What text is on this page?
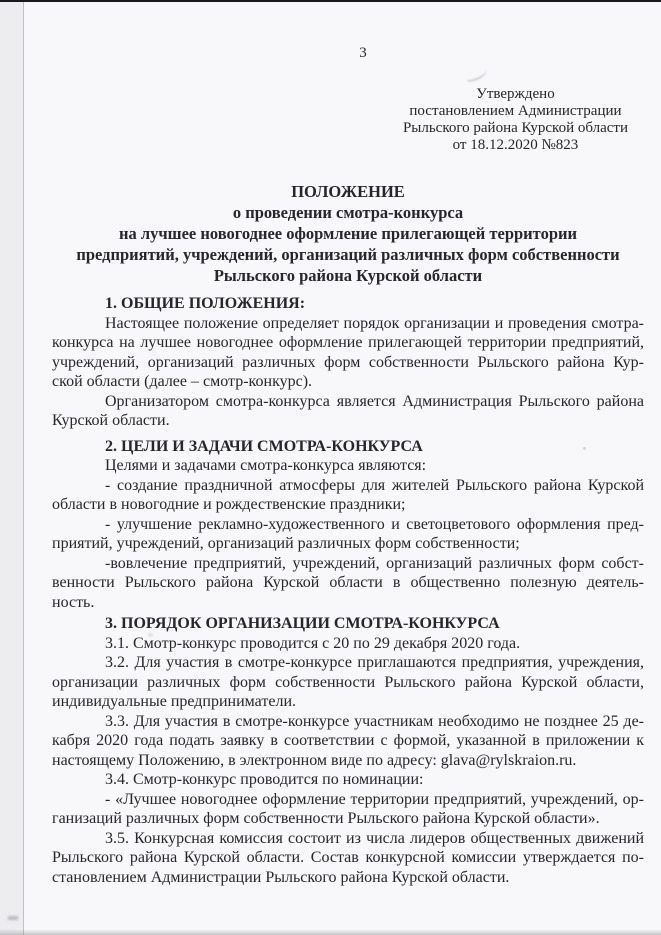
3
Утверждено
постановлением Администрации
Рыльского района Курской области
от 18.12.2020 №823
ПОЛОЖЕНИЕ
о проведении смотра-конкурса
на лучшее новогоднее оформление прилегающей территории
предприятий, учреждений, организаций различных форм собственности
Рыльского района Курской области
1. ОБЩИЕ ПОЛОЖЕНИЯ:
Настоящее положение определяет порядок организации и проведения смотра-
конкурса на лучшее новогоднее оформление прилегающей территории предприятий,
учреждений, организаций различных форм собственности Рыльского района Кур-
ской области (далее – смотр-конкурс).
Организатором смотра-конкурса является Администрация Рыльского района
Курской области.
2. ЦЕЛИ И ЗАДАЧИ СМОТРА-КОНКУРСА
Целями и задачами смотра-конкурса являются:
- создание праздничной атмосферы для жителей Рыльского района Курской
области в новогодние и рождественские праздники;
- улучшение рекламно-художественного и светоцветового оформления пред-
приятий, учреждений, организаций различных форм собственности;
-вовлечение предприятий, учреждений, организаций различных форм собст-
венности Рыльского района Курской области в общественно полезную деятель-
ность.
3. ПОРЯДОК ОРГАНИЗАЦИИ СМОТРА-КОНКУРСА
3.1. Смотр-конкурс проводится с 20 по 29 декабря 2020 года.
3.2. Для участия в смотре-конкурсе приглашаются предприятия, учреждения,
организации различных форм собственности Рыльского района Курской области,
индивидуальные предприниматели.
3.3. Для участия в смотре-конкурсе участникам необходимо не позднее 25 де-
кабря 2020 года подать заявку в соответствии с формой, указанной в приложении к
настоящему Положению, в электронном виде по адресу: glava@rylskraion.ru.
3.4. Смотр-конкурс проводится по номинации:
- «Лучшее новогоднее оформление территории предприятий, учреждений, ор-
ганизаций различных форм собственности Рыльского района Курской области».
3.5. Конкурсная комиссия состоит из числа лидеров общественных движений
Рыльского района Курской области. Состав конкурсной комиссии утверждается по-
становлением Администрации Рыльского района Курской области.
